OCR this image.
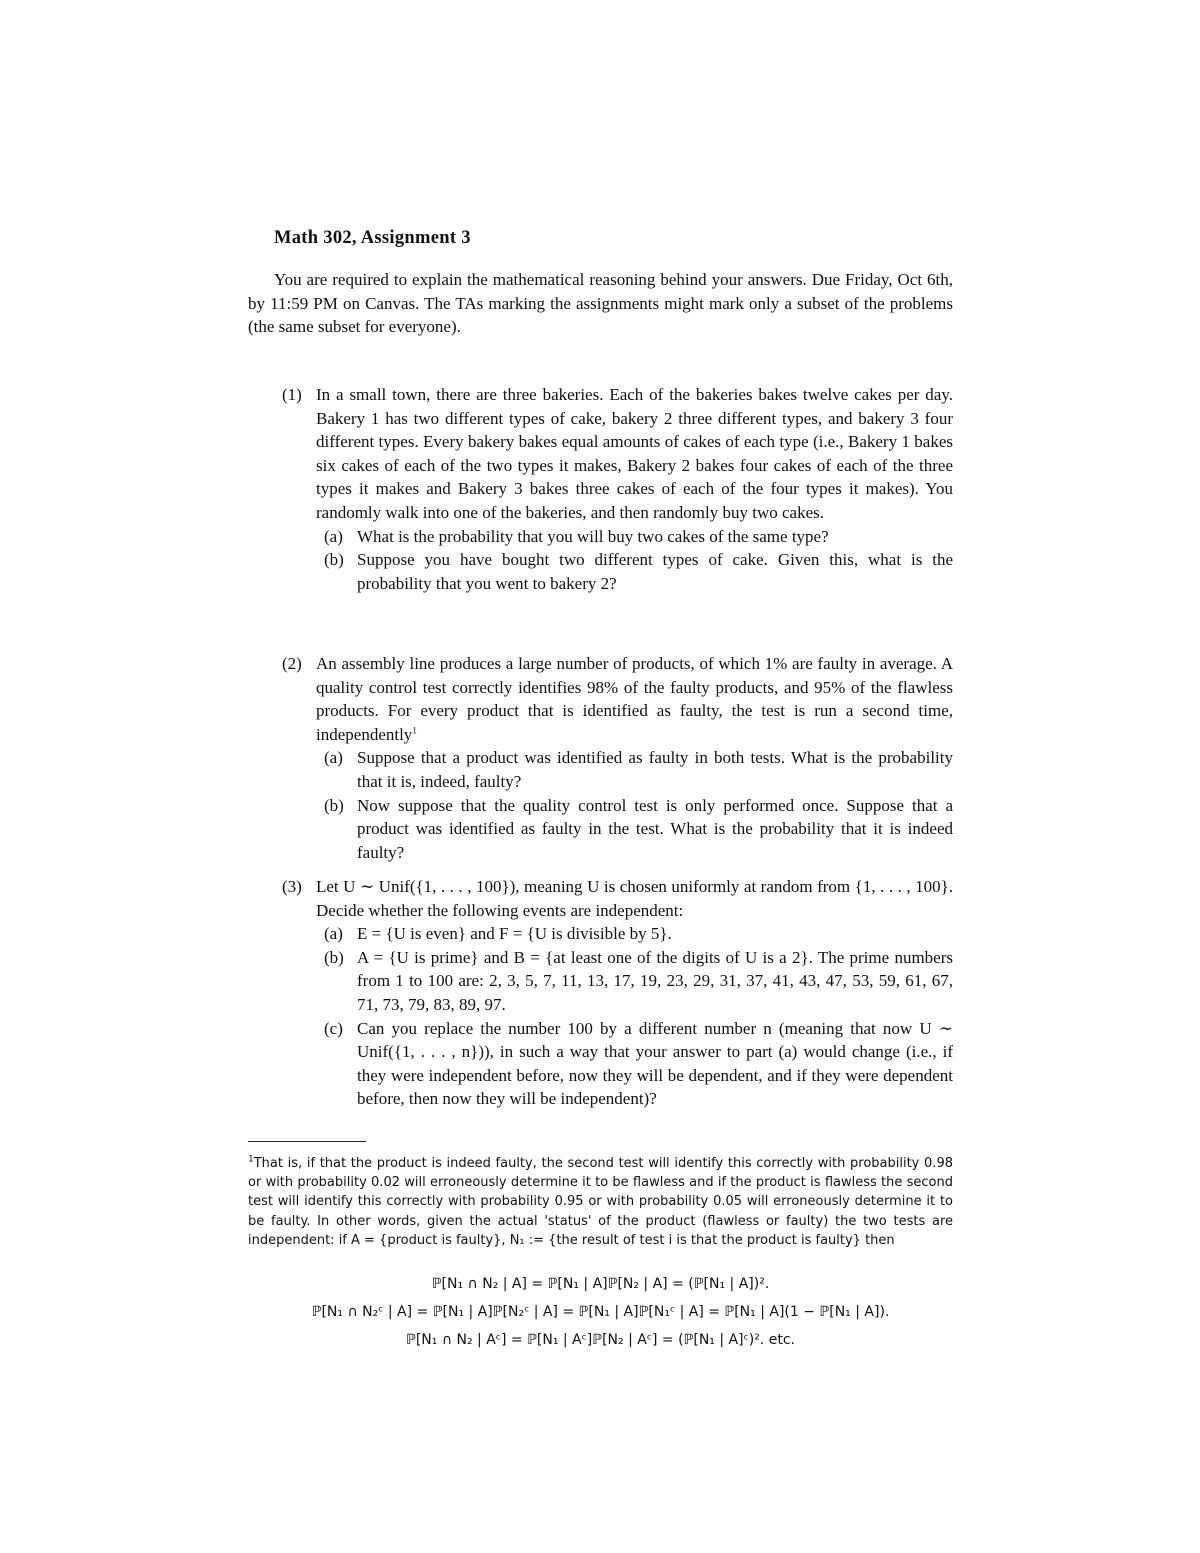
Math 302, Assignment 3
You are required to explain the mathematical reasoning behind your answers. Due Friday, Oct 6th, by 11:59 PM on Canvas. The TAs marking the assignments might mark only a subset of the problems (the same subset for everyone).
(1) In a small town, there are three bakeries. Each of the bakeries bakes twelve cakes per day. Bakery 1 has two different types of cake, bakery 2 three different types, and bakery 3 four different types. Every bakery bakes equal amounts of cakes of each type (i.e., Bakery 1 bakes six cakes of each of the two types it makes, Bakery 2 bakes four cakes of each of the three types it makes and Bakery 3 bakes three cakes of each of the four types it makes). You randomly walk into one of the bakeries, and then randomly buy two cakes.
(a) What is the probability that you will buy two cakes of the same type?
(b) Suppose you have bought two different types of cake. Given this, what is the probability that you went to bakery 2?
(2) An assembly line produces a large number of products, of which 1% are faulty in average. A quality control test correctly identifies 98% of the faulty products, and 95% of the flawless products. For every product that is identified as faulty, the test is run a second time, independently$^1$
(a) Suppose that a product was identified as faulty in both tests. What is the probability that it is, indeed, faulty?
(b) Now suppose that the quality control test is only performed once. Suppose that a product was identified as faulty in the test. What is the probability that it is indeed faulty?
(3) Let U ∼ Unif({1, . . . , 100}), meaning U is chosen uniformly at random from {1, . . . , 100}. Decide whether the following events are independent:
(a) E = {U is even} and F = {U is divisible by 5}.
(b) A = {U is prime} and B = {at least one of the digits of U is a 2}. The prime numbers from 1 to 100 are: 2, 3, 5, 7, 11, 13, 17, 19, 23, 29, 31, 37, 41, 43, 47, 53, 59, 61, 67, 71, 73, 79, 83, 89, 97.
(c) Can you replace the number 100 by a different number n (meaning that now U ∼ Unif({1, . . . , n})), in such a way that your answer to part (a) would change (i.e., if they were independent before, now they will be dependent, and if they were dependent before, then now they will be independent)?
$^1$That is, if that the product is indeed faulty, the second test will identify this correctly with probability 0.98 or with probability 0.02 will erroneously determine it to be flawless and if the product is flawless the second test will identify this correctly with probability 0.95 or with probability 0.05 will erroneously determine it to be faulty. In other words, given the actual 'status' of the product (flawless or faulty) the two tests are independent: if A = {product is faulty}, N₁ := {the result of test i is that the product is faulty} then
ℙ[N₁ ∩ N₂ | A] = ℙ[N₁ | A]ℙ[N₂ | A] = (ℙ[N₁ | A])².
ℙ[N₁ ∩ N₂ᶜ | A] = ℙ[N₁ | A]ℙ[N₂ᶜ | A] = ℙ[N₁ | A]ℙ[N₁ᶜ | A] = ℙ[N₁ | A](1 − ℙ[N₁ | A]).
ℙ[N₁ ∩ N₂ | Aᶜ] = ℙ[N₁ | Aᶜ]ℙ[N₂ | Aᶜ] = (ℙ[N₁ | A]ᶜ)². etc.
